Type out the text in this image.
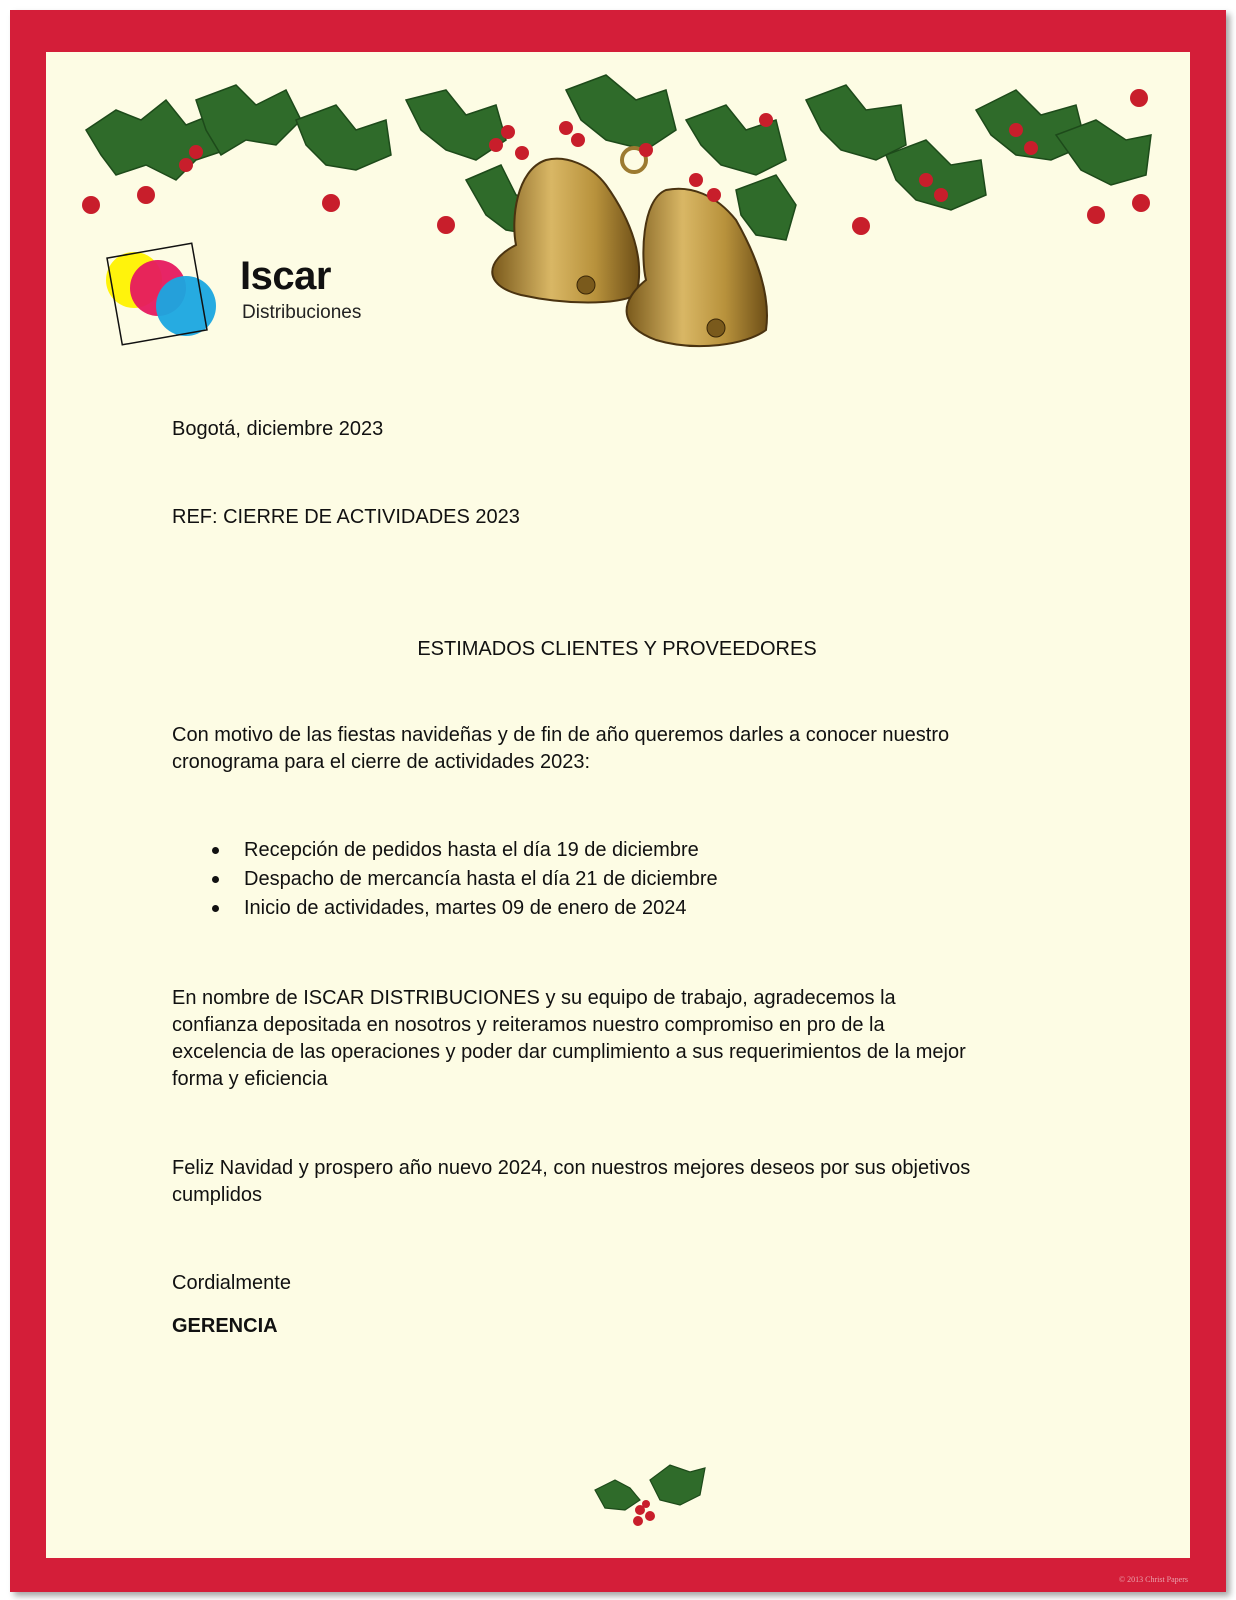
Iscar
Distribuciones
Bogotá, diciembre 2023
REF: CIERRE DE ACTIVIDADES 2023
ESTIMADOS CLIENTES Y PROVEEDORES
Con motivo de las fiestas navideñas y de fin de año queremos darles a conocer nuestro
cronograma para el cierre de actividades 2023:
Recepción de pedidos hasta el día 19 de diciembre
Despacho de mercancía hasta el día 21 de diciembre
Inicio de actividades, martes 09 de enero de 2024
En nombre de ISCAR DISTRIBUCIONES y su equipo de trabajo, agradecemos la
confianza depositada en nosotros y reiteramos nuestro compromiso en pro de la
excelencia de las operaciones y poder dar cumplimiento a sus requerimientos de la mejor
forma y eficiencia
Feliz Navidad y prospero año nuevo 2024, con nuestros mejores deseos por sus objetivos
cumplidos
Cordialmente
GERENCIA
© 2013 Christ Papers
